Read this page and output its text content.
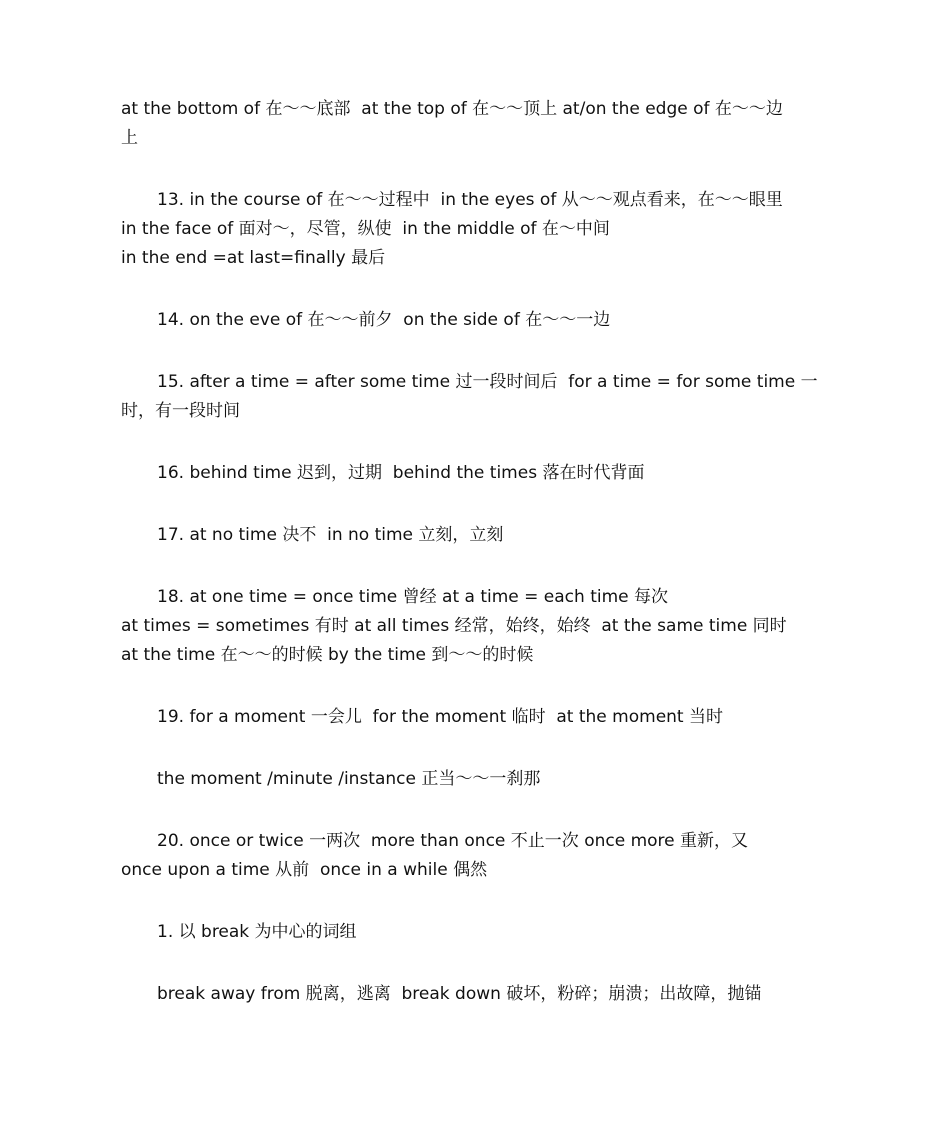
at the bottom of 在～～底部  at the top of 在～～顶上 at/on the edge of 在～～边
上

13. in the course of 在～～过程中  in the eyes of 从～～观点看来，在～～眼里
in the face of 面对～，尽管，纵使  in the middle of 在～中间
in the end =at last=finally 最后

14. on the eve of 在～～前夕  on the side of 在～～一边

15. after a time = after some time 过一段时间后  for a time = for some time 一
时，有一段时间

16. behind time 迟到，过期  behind the times 落在时代背面

17. at no time 决不  in no time 立刻，立刻

18. at one time = once time 曾经 at a time = each time 每次
at times = sometimes 有时 at all times 经常，始终，始终  at the same time 同时
at the time 在～～的时候 by the time 到～～的时候

19. for a moment 一会儿  for the moment 临时  at the moment 当时

the moment /minute /instance 正当～～一刹那

20. once or twice 一两次  more than once 不止一次 once more 重新，又
once upon a time 从前  once in a while 偶然

1. 以 break 为中心的词组

break away from 脱离，逃离  break down 破坏，粉碎；崩溃；出故障，抛锚
